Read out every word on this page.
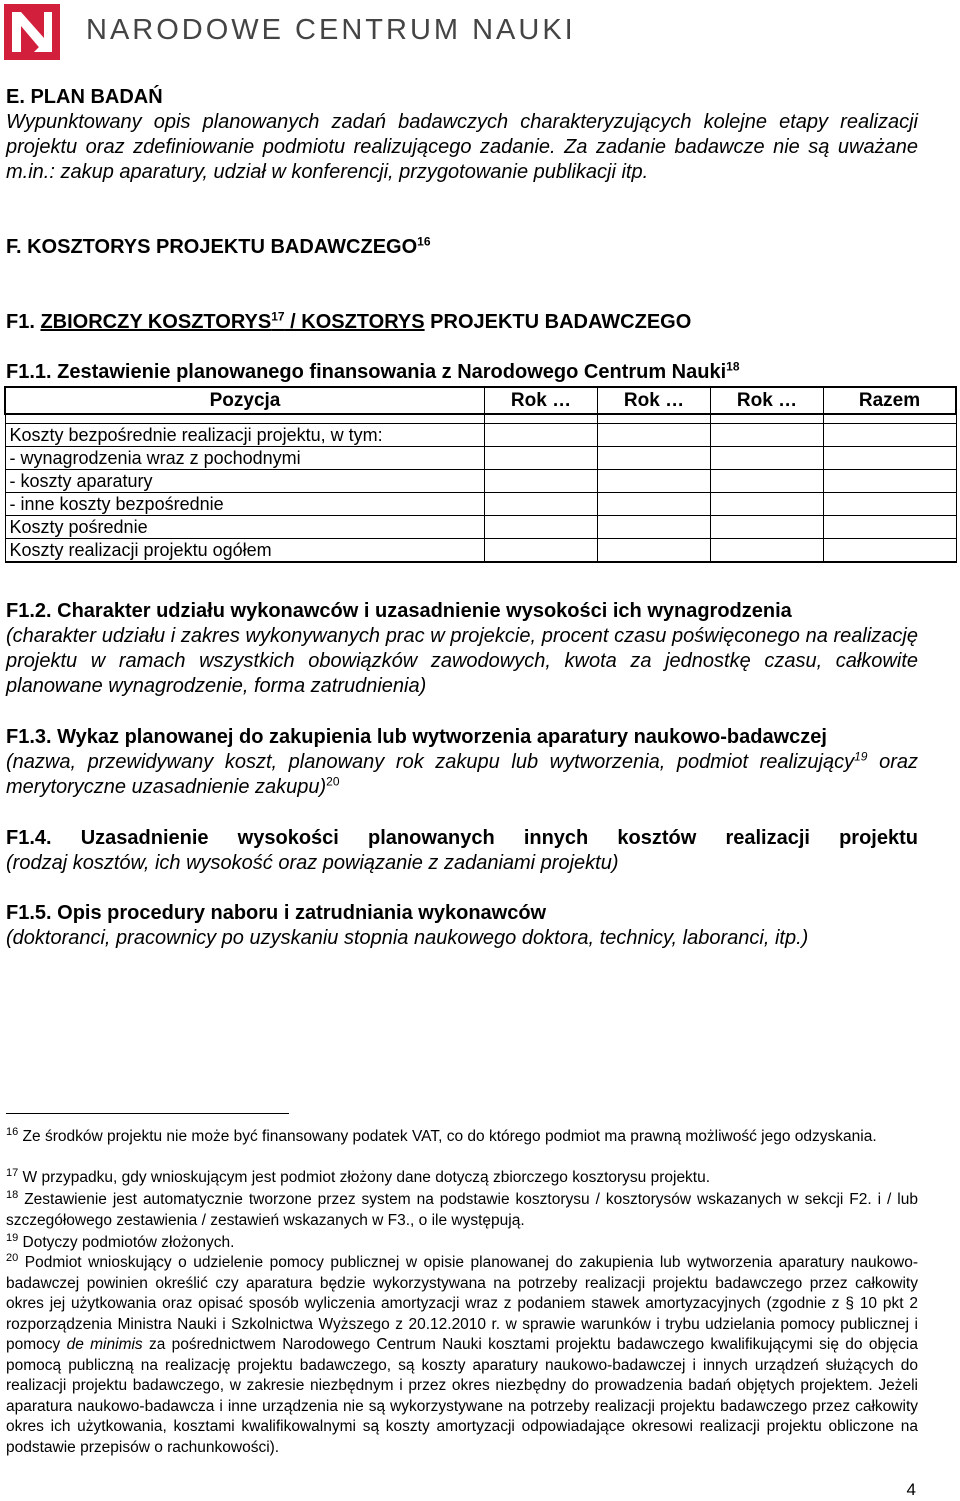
NARODOWE CENTRUM NAUKI
E. PLAN BADAŃ
Wypunktowany opis planowanych zadań badawczych charakteryzujących kolejne etapy realizacji projektu oraz zdefiniowanie podmiotu realizującego zadanie. Za zadanie badawcze nie są uważane m.in.: zakup aparatury, udział w konferencji, przygotowanie publikacji itp.
F. KOSZTORYS PROJEKTU BADAWCZEGO$^{16}$
F1. ZBIORCZY KOSZTORYS$^{17}$ / KOSZTORYS PROJEKTU BADAWCZEGO
F1.1. Zestawienie planowanego finansowania z Narodowego Centrum Nauki$^{18}$
Pozycja	Rok …	Rok …	Rok …	Razem

Koszty bezpośrednie realizacji projektu, w tym:				
- wynagrodzenia wraz z pochodnymi				
- koszty aparatury				
- inne koszty bezpośrednie				
Koszty pośrednie				
Koszty realizacji projektu ogółem				
F1.2. Charakter udziału wykonawców i uzasadnienie wysokości ich wynagrodzenia
(charakter udziału i zakres wykonywanych prac w projekcie, procent czasu poświęconego na realizację projektu w ramach wszystkich obowiązków zawodowych, kwota za jednostkę czasu, całkowite planowane wynagrodzenie, forma zatrudnienia)
F1.3. Wykaz planowanej do zakupienia lub wytworzenia aparatury naukowo-badawczej
(nazwa, przewidywany koszt, planowany rok zakupu lub wytworzenia, podmiot realizujący$^{19}$ oraz merytoryczne uzasadnienie zakupu)$^{20}$
F1.4. Uzasadnienie wysokości planowanych innych kosztów realizacji projektu
(rodzaj kosztów, ich wysokość oraz powiązanie z zadaniami projektu)
F1.5. Opis procedury naboru i zatrudniania wykonawców
(doktoranci, pracownicy po uzyskaniu stopnia naukowego doktora, technicy, laboranci, itp.)
$^{16}$ Ze środków projektu nie może być finansowany podatek VAT, co do którego podmiot ma prawną możliwość jego odzyskania.
$^{17}$ W przypadku, gdy wnioskującym jest podmiot złożony dane dotyczą zbiorczego kosztorysu projektu.
$^{18}$ Zestawienie jest automatycznie tworzone przez system na podstawie kosztorysu / kosztorysów wskazanych w sekcji F2. i / lub szczegółowego zestawienia / zestawień wskazanych w F3., o ile występują.
$^{19}$ Dotyczy podmiotów złożonych.
$^{20}$ Podmiot wnioskujący o udzielenie pomocy publicznej w opisie planowanej do zakupienia lub wytworzenia aparatury naukowo-badawczej powinien określić czy aparatura będzie wykorzystywana na potrzeby realizacji projektu badawczego przez całkowity okres jej użytkowania oraz opisać sposób wyliczenia amortyzacji wraz z podaniem stawek amortyzacyjnych (zgodnie z § 10 pkt 2 rozporządzenia Ministra Nauki i Szkolnictwa Wyższego z 20.12.2010 r. w sprawie warunków i trybu udzielania pomocy publicznej i pomocy de minimis za pośrednictwem Narodowego Centrum Nauki kosztami projektu badawczego kwalifikującymi się do objęcia pomocą publiczną na realizację projektu badawczego, są koszty aparatury naukowo-badawczej i innych urządzeń służących do realizacji projektu badawczego, w zakresie niezbędnym i przez okres niezbędny do prowadzenia badań objętych projektem. Jeżeli aparatura naukowo-badawcza i inne urządzenia nie są wykorzystywane na potrzeby realizacji projektu badawczego przez całkowity okres ich użytkowania, kosztami kwalifikowalnymi są koszty amortyzacji odpowiadające okresowi realizacji projektu obliczone na podstawie przepisów o rachunkowości).
4
